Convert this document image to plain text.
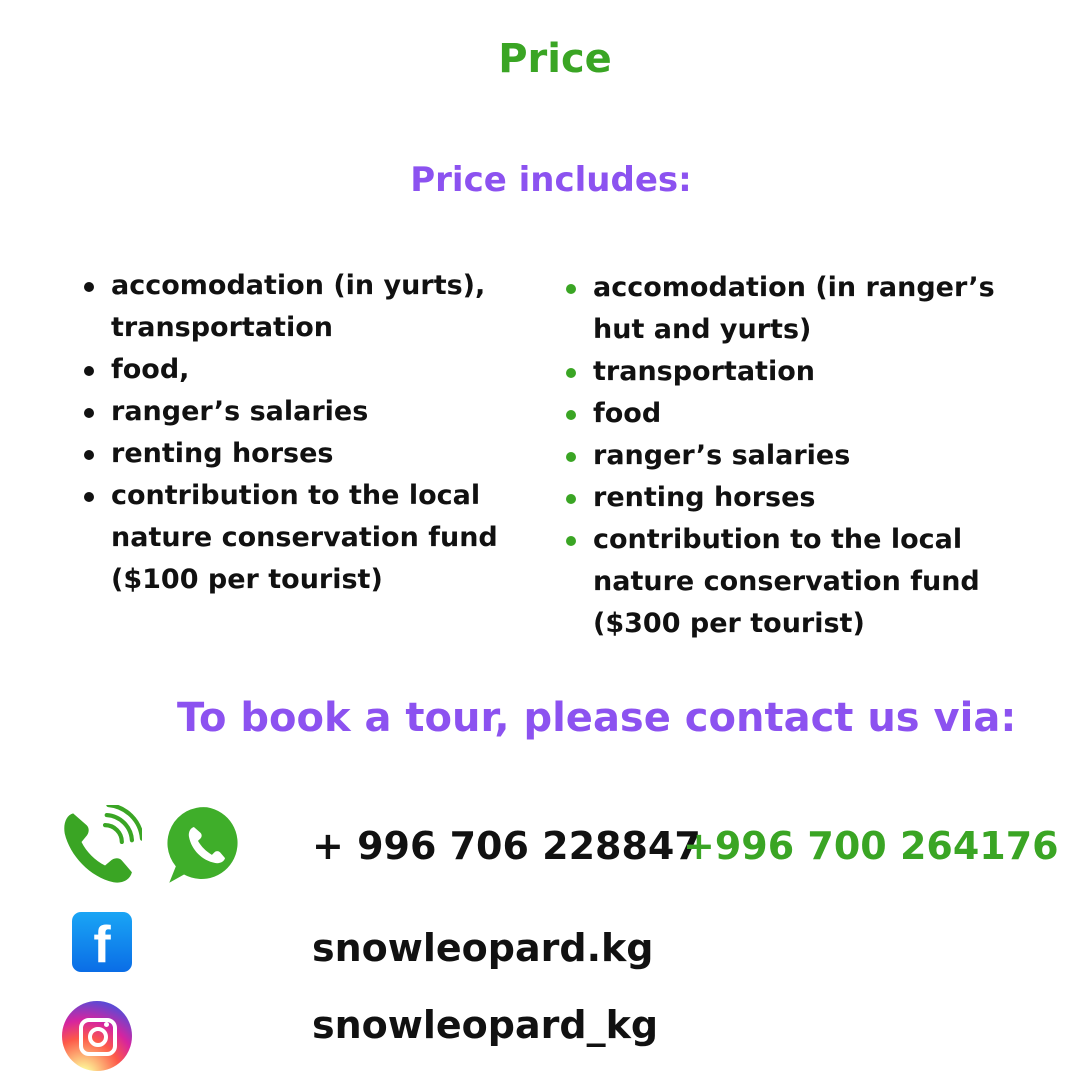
Price
Price includes:
accomodation (in yurts), transportation
food,
ranger’s salaries
renting horses
contribution to the local nature conservation fund ($100 per tourist)
accomodation (in ranger’s hut and yurts)
transportation
food
ranger’s salaries
renting horses
contribution to the local nature conservation fund ($300 per tourist)
To book a tour, please contact us via:
f

+ 996 706 228847

+996 700 264176

snowleopard.kg

snowleopard_kg
